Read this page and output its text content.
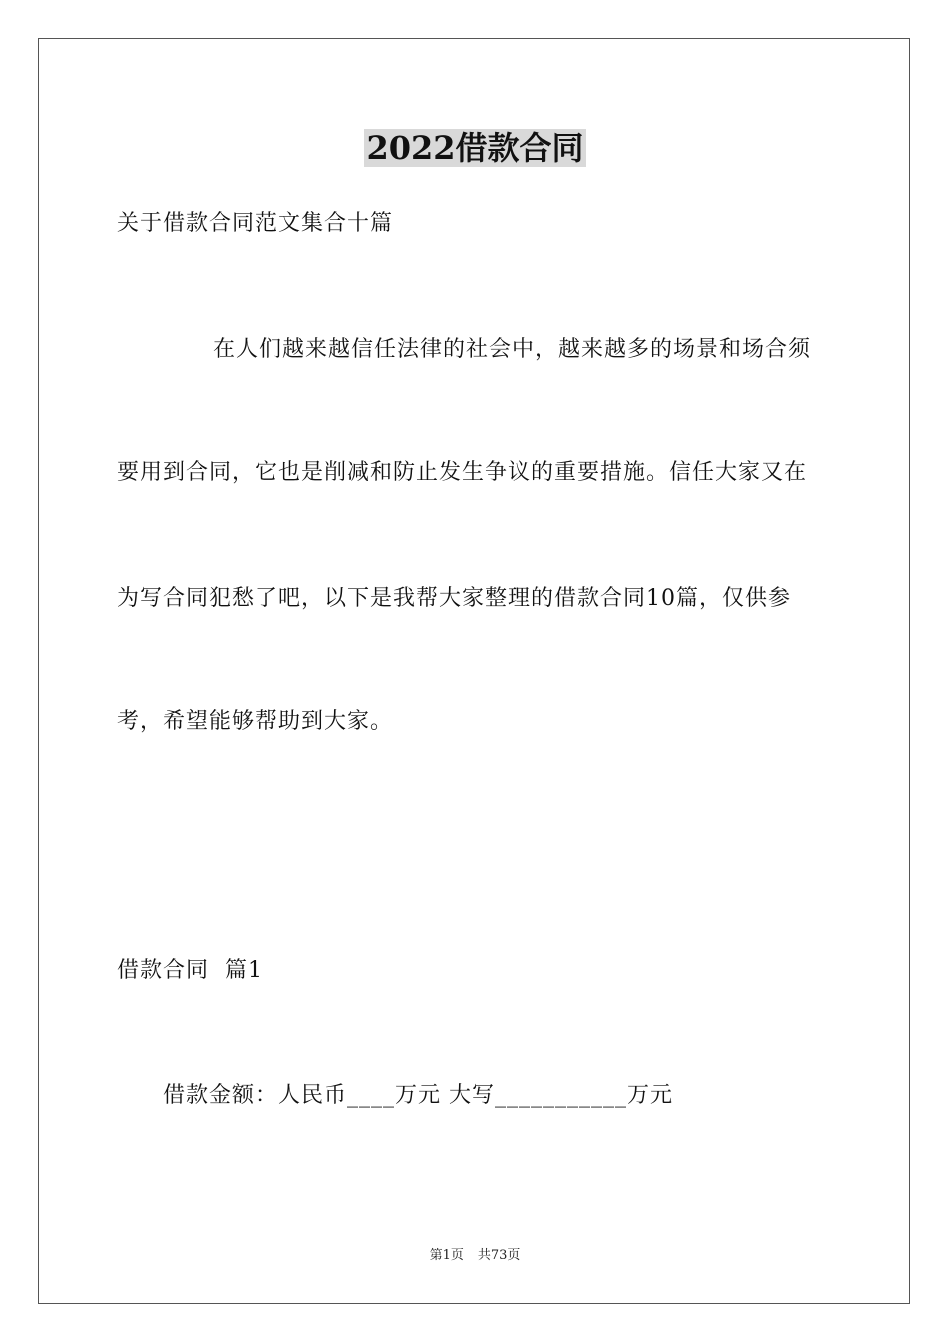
2022借款合同
关于借款合同范文集合十篇
在人们越来越信任法律的社会中，越来越多的场景和场合须
要用到合同，它也是削减和防止发生争议的重要措施。信任大家又在
为写合同犯愁了吧，以下是我帮大家整理的借款合同10篇，仅供参
考，希望能够帮助到大家。
借款合同  篇1
借款金额：人民币____万元 大写___________万元
第1页 共73页
